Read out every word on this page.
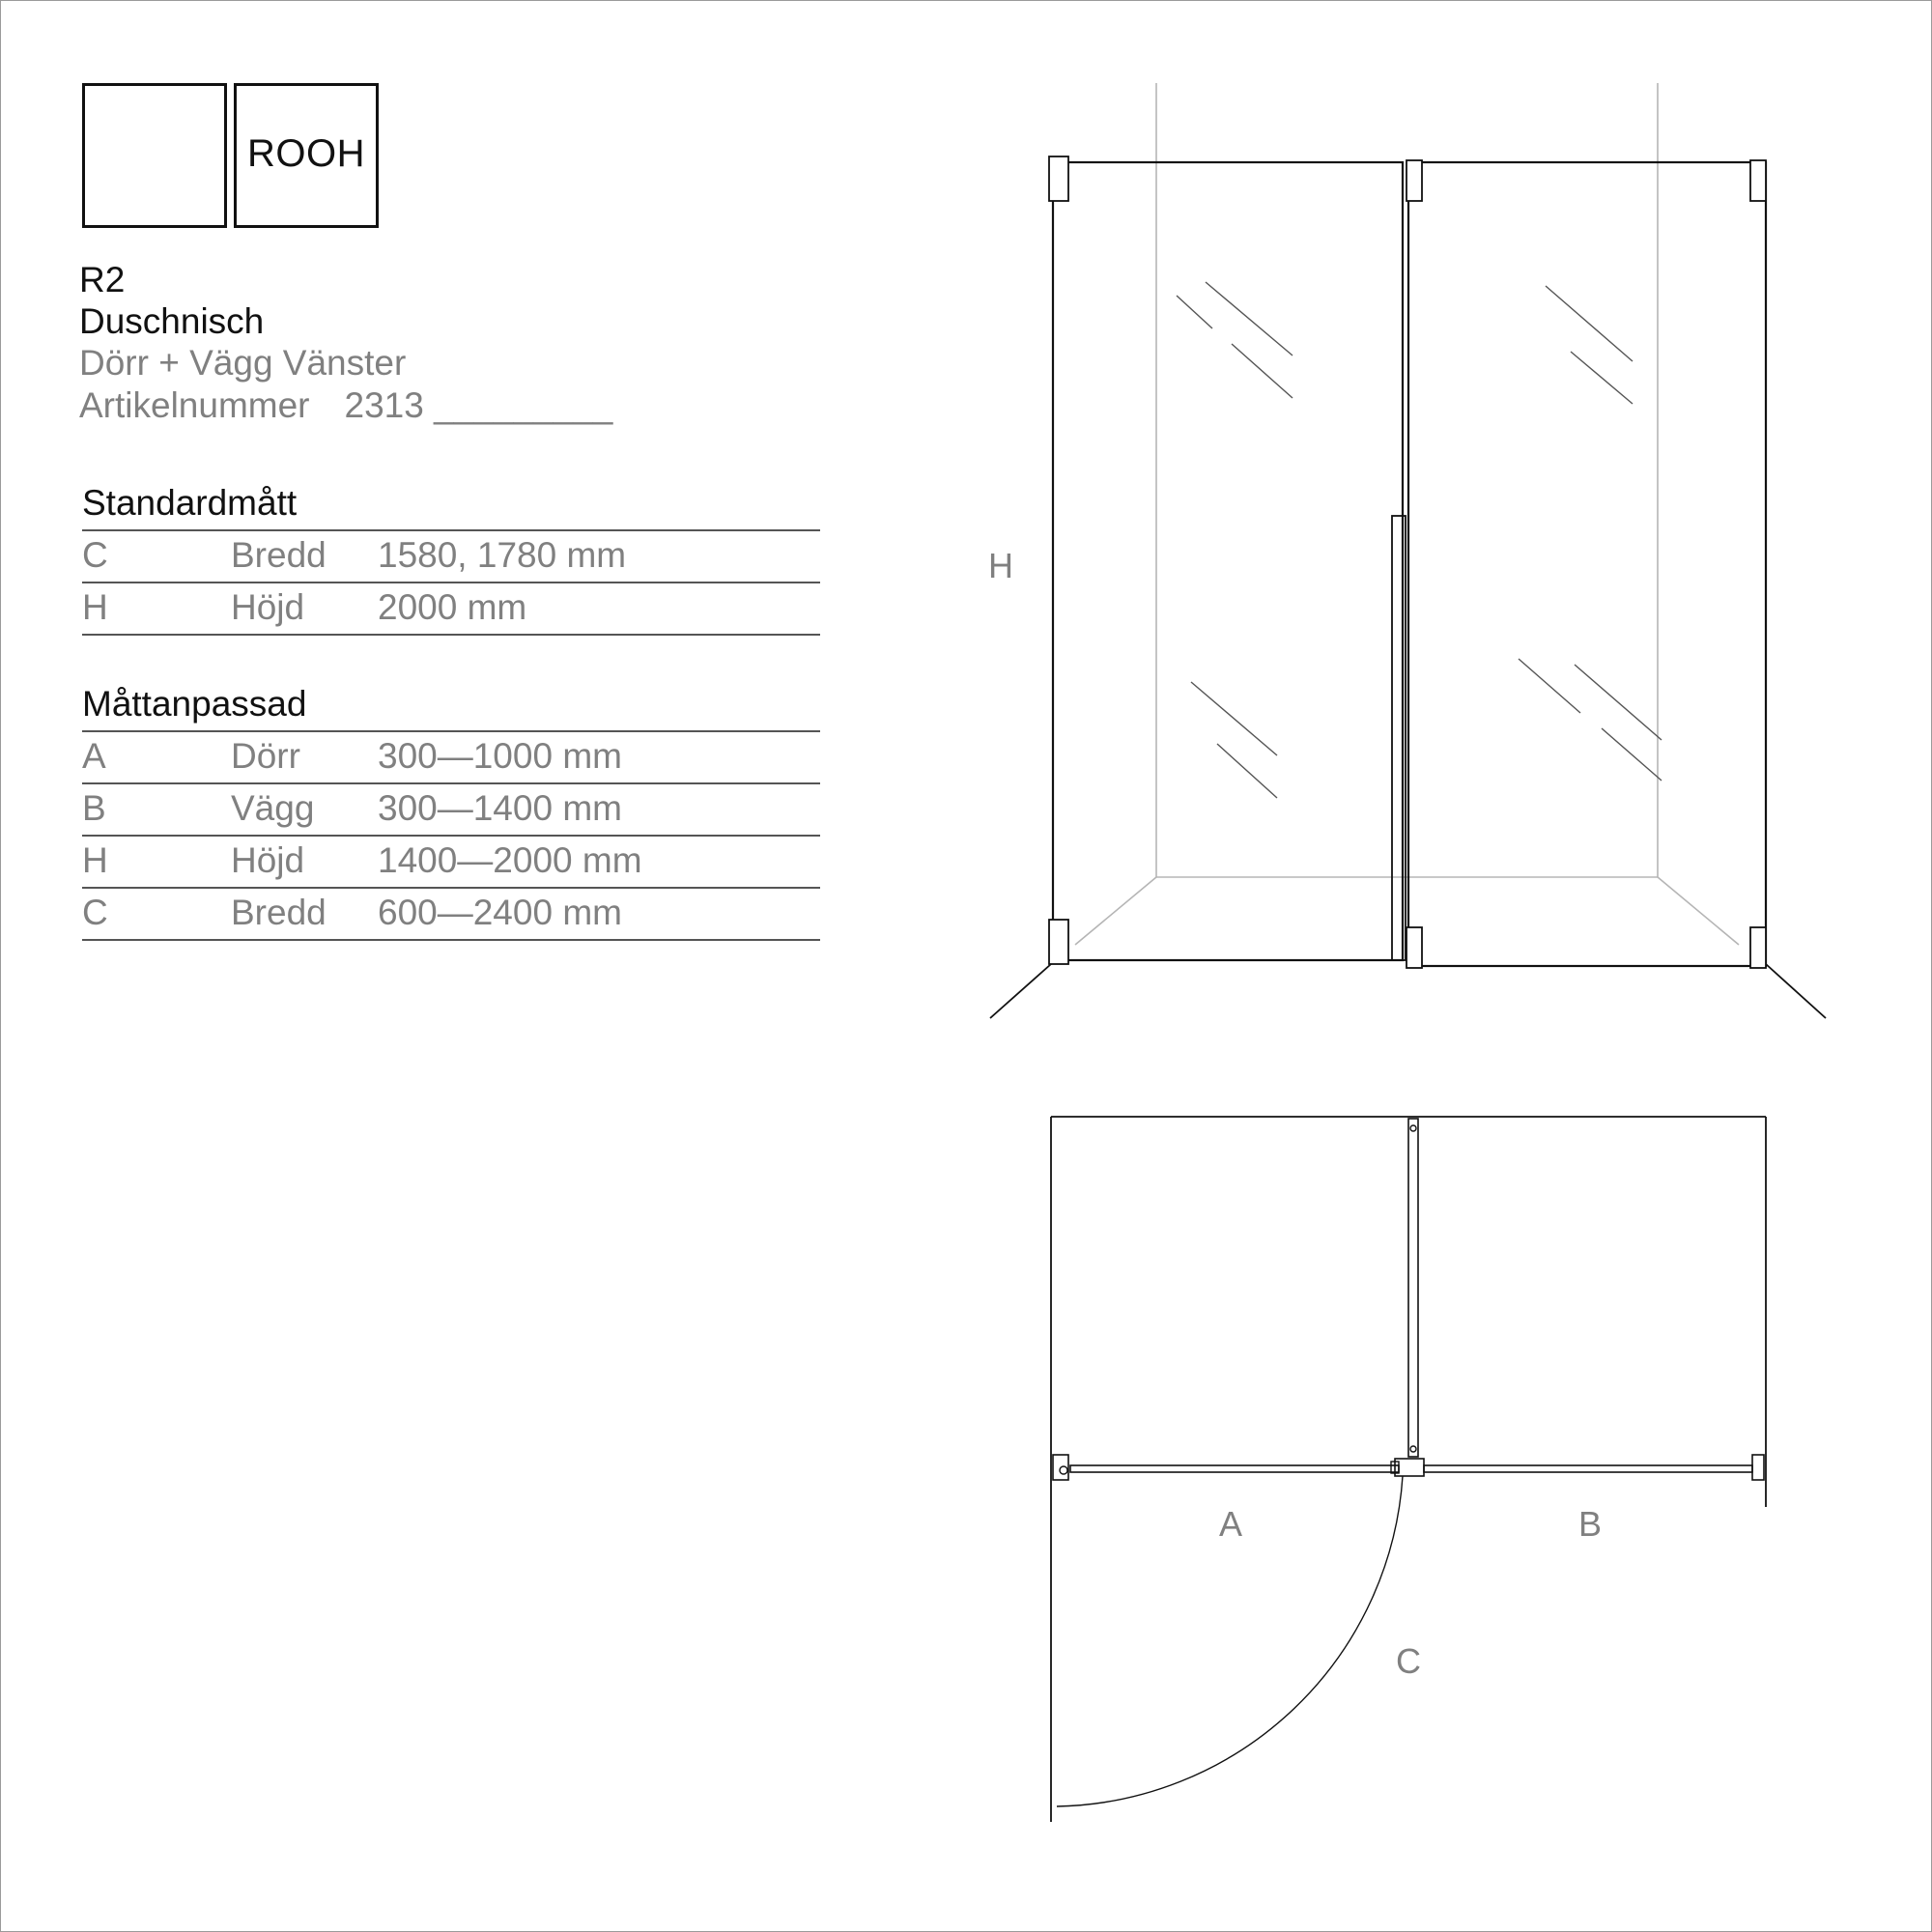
ROOH
R2
Duschnisch
Dörr + Vägg Vänster
Artikelnummer 2313 _________
Standardmått
C	Bredd 1580, 1780 mm
H	Höjd 2000 mm
Måttanpassad
A	Dörr 300—1000 mm
B	Vägg 300—1400 mm
H	Höjd 1400—2000 mm
C	Bredd 600—2400 mm
H
A	B
C
